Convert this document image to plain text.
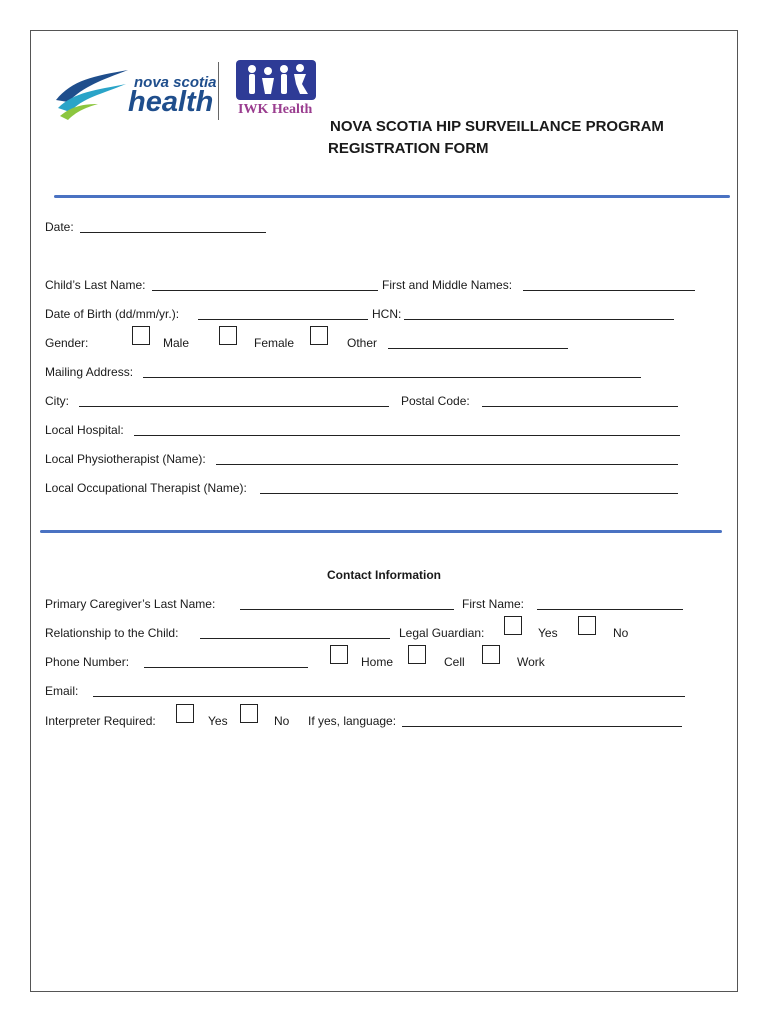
nova scotia
health IWK Health
NOVA SCOTIA HIP SURVEILLANCE PROGRAM
REGISTRATION FORM
Date:
Child’s Last Name:	First and Middle Names:
Date of Birth (dd/mm/yr.):	HCN:
Gender:	Male	Female	Other
Mailing Address:
City:	Postal Code:
Local Hospital:
Local Physiotherapist (Name):
Local Occupational Therapist (Name):
Contact Information
Primary Caregiver’s Last Name:	First Name:
Relationship to the Child:	Legal Guardian:	Yes	No
Phone Number:	Home	Cell	Work
Email:
Interpreter Required:	Yes	No If yes, language:
